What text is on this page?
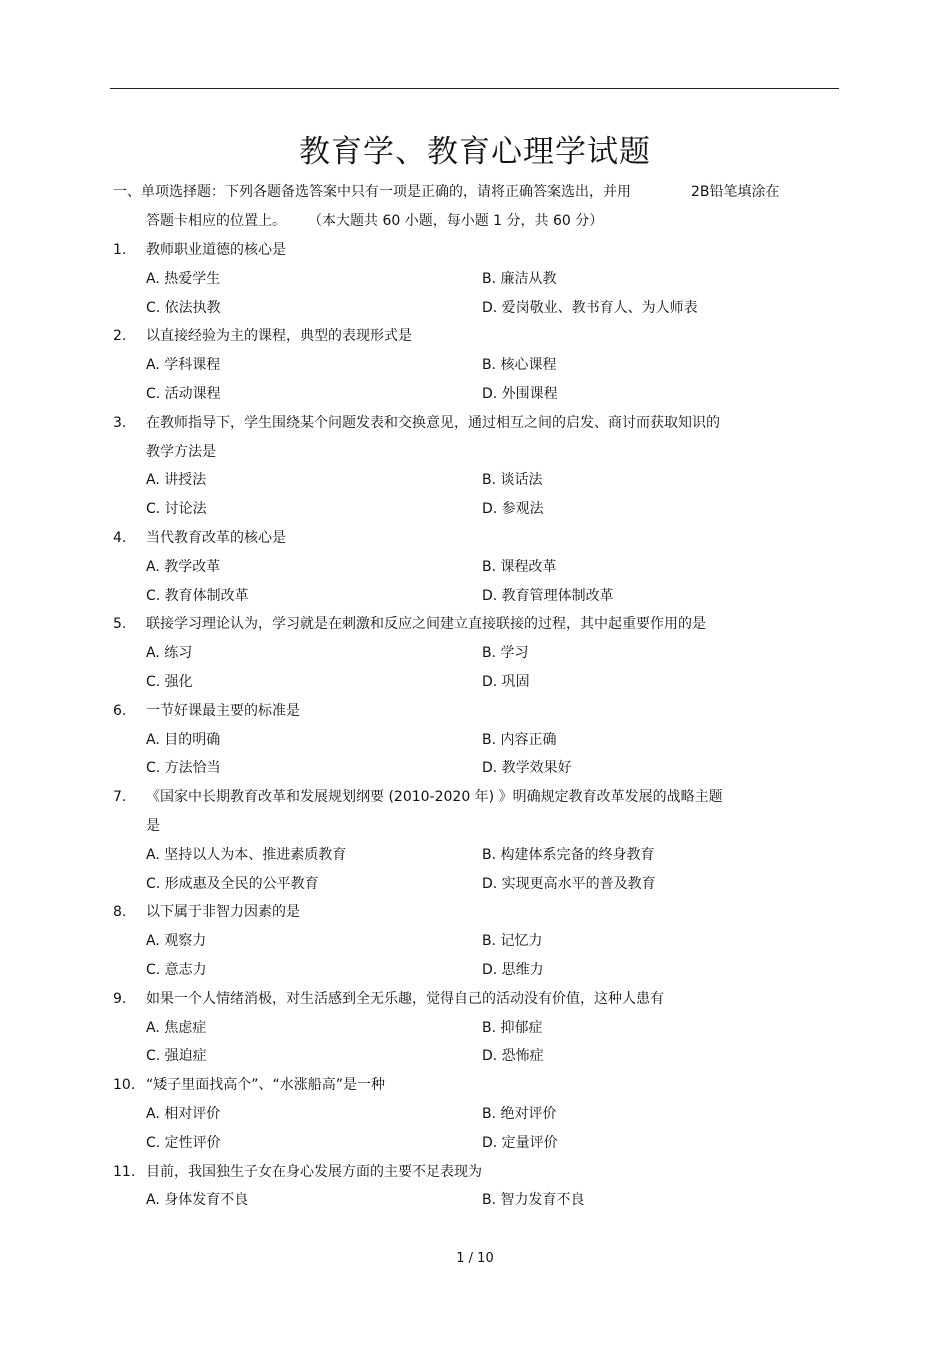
教育学、教育心理学试题
一、单项选择题：下列各题备选答案中只有一项是正确的，请将正确答案选出，并用	2B铅笔填涂在
答题卡相应的位置上。 （本大题共 60 小题，每小题 1 分，共 60 分）
1.	教师职业道德的核心是
A. 热爱学生	B. 廉洁从教
C. 依法执教	D. 爱岗敬业、教书育人、为人师表
2.	以直接经验为主的课程，典型的表现形式是
A. 学科课程	B. 核心课程
C. 活动课程	D. 外围课程
3.	在教师指导下，学生围绕某个问题发表和交换意见，通过相互之间的启发、商讨而获取知识的
教学方法是
A. 讲授法	B. 谈话法
C. 讨论法	D. 参观法
4.	当代教育改革的核心是
A. 教学改革	B. 课程改革
C. 教育体制改革	D. 教育管理体制改革
5.	联接学习理论认为，学习就是在刺激和反应之间建立直接联接的过程，其中起重要作用的是
A. 练习	B. 学习
C. 强化	D. 巩固
6.	一节好课最主要的标准是
A. 目的明确	B. 内容正确
C. 方法恰当	D. 教学效果好
7.	《国家中长期教育改革和发展规划纲要 (2010-2020 年) 》明确规定教育改革发展的战略主题
是
A. 坚持以人为本、推进素质教育	B. 构建体系完备的终身教育
C. 形成惠及全民的公平教育	D. 实现更高水平的普及教育
8.	以下属于非智力因素的是
A. 观察力	B. 记忆力
C. 意志力	D. 思维力
9.	如果一个人情绪消极，对生活感到全无乐趣，觉得自己的活动没有价值，这种人患有
A. 焦虑症	B. 抑郁症
C. 强迫症	D. 恐怖症
10. “矮子里面找高个”、“水涨船高”是一种
A. 相对评价	B. 绝对评价
C. 定性评价	D. 定量评价
11. 目前，我国独生子女在身心发展方面的主要不足表现为
A. 身体发育不良	B. 智力发育不良
1 / 10
